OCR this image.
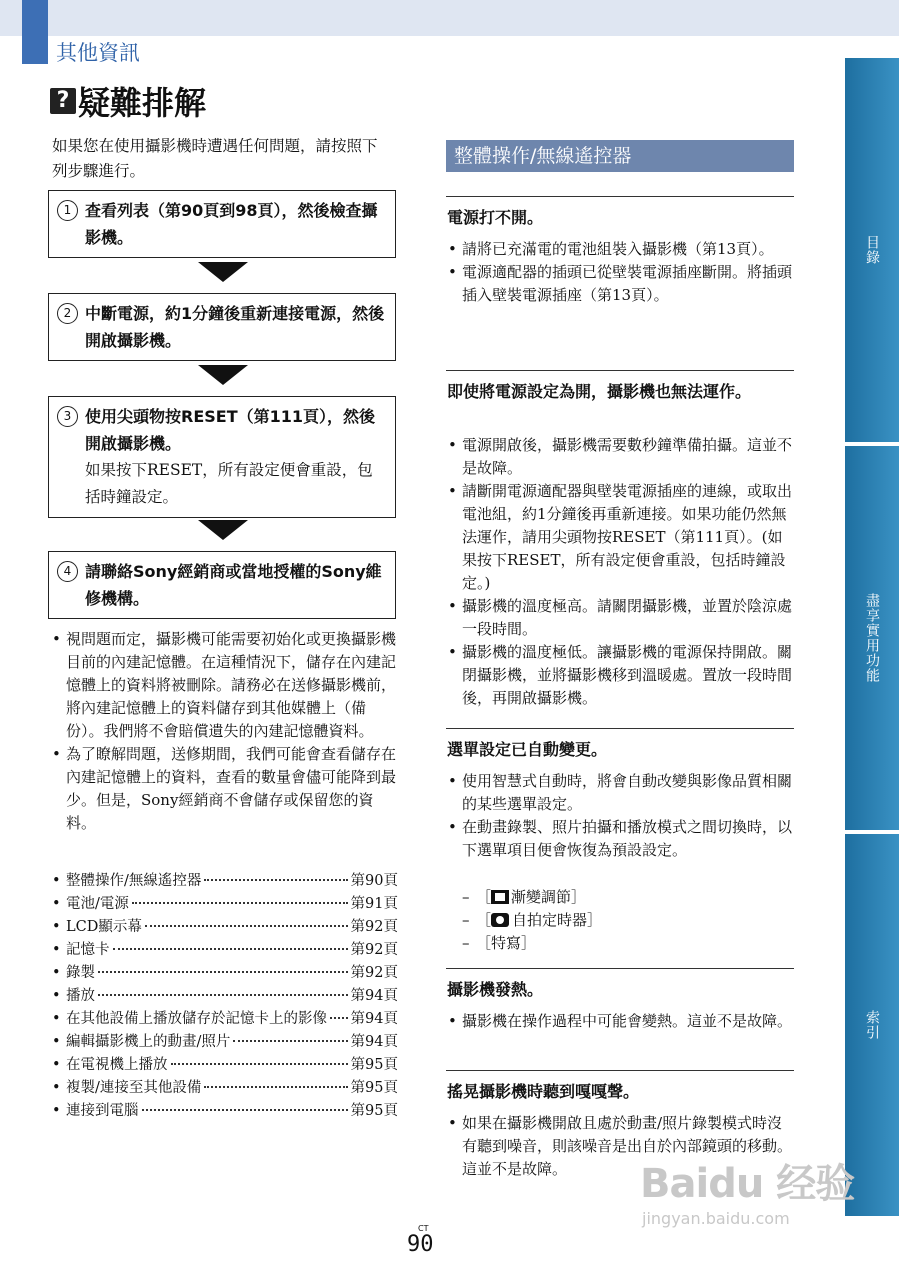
其他資訊
? 疑難排解
如果您在使用攝影機時遭遇任何問題，請按照下列步驟進行。
1 查看列表（第90頁到98頁），然後檢查攝影機。
2 中斷電源，約1分鐘後重新連接電源，然後開啟攝影機。
3 使用尖頭物按RESET（第111頁），然後開啟攝影機。
如果按下RESET，所有設定便會重設，包括時鐘設定。
4 請聯絡Sony經銷商或當地授權的Sony維修機構。
• 視問題而定，攝影機可能需要初始化或更換攝影機目前的內建記憶體。在這種情況下，儲存在內建記憶體上的資料將被刪除。請務必在送修攝影機前，將內建記憶體上的資料儲存到其他媒體上（備份）。我們將不會賠償遺失的內建記憶體資料。
• 為了瞭解問題，送修期間，我們可能會查看儲存在內建記憶體上的資料，查看的數量會儘可能降到最少。但是，Sony經銷商不會儲存或保留您的資料。
• 整體操作/無線遙控器	第90頁
• 電池/電源	第91頁
• LCD顯示幕	第92頁
• 記憶卡	第92頁
• 錄製	第92頁
• 播放	第94頁
• 在其他設備上播放儲存於記憶卡上的影像 第94頁
• 編輯攝影機上的動畫/照片	第94頁
• 在電視機上播放	第95頁
• 複製/連接至其他設備	第95頁
• 連接到電腦	第95頁
整體操作/無線遙控器
電源打不開。
• 請將已充滿電的電池組裝入攝影機（第13頁）。
• 電源適配器的插頭已從壁裝電源插座斷開。將插頭插入壁裝電源插座（第13頁）。
即使將電源設定為開，攝影機也無法運作。
• 電源開啟後，攝影機需要數秒鐘準備拍攝。這並不是故障。
• 請斷開電源適配器與壁裝電源插座的連線，或取出電池組，約1分鐘後再重新連接。如果功能仍然無法運作，請用尖頭物按RESET（第111頁）。(如果按下RESET，所有設定便會重設，包括時鐘設定。)
• 攝影機的溫度極高。請關閉攝影機，並置於陰涼處一段時間。
• 攝影機的溫度極低。讓攝影機的電源保持開啟。關閉攝影機，並將攝影機移到溫暖處。置放一段時間後，再開啟攝影機。
選單設定已自動變更。
• 使用智慧式自動時，將會自動改變與影像品質相關的某些選單設定。
• 在動畫錄製、照片拍攝和播放模式之間切換時，以下選單項目便會恢復為預設設定。
– ［ 漸變調節］
– ［ 自拍定時器］
– ［特寫］
攝影機發熱。
• 攝影機在操作過程中可能會變熱。這並不是故障。
搖晃攝影機時聽到嘎嘎聲。
• 如果在攝影機開啟且處於動畫/照片錄製模式時沒有聽到噪音，則該噪音是出自於內部鏡頭的移動。這並不是故障。
目錄
盡享實用功能
索引
CT
90
Baidu 经验
jingyan.baidu.com
